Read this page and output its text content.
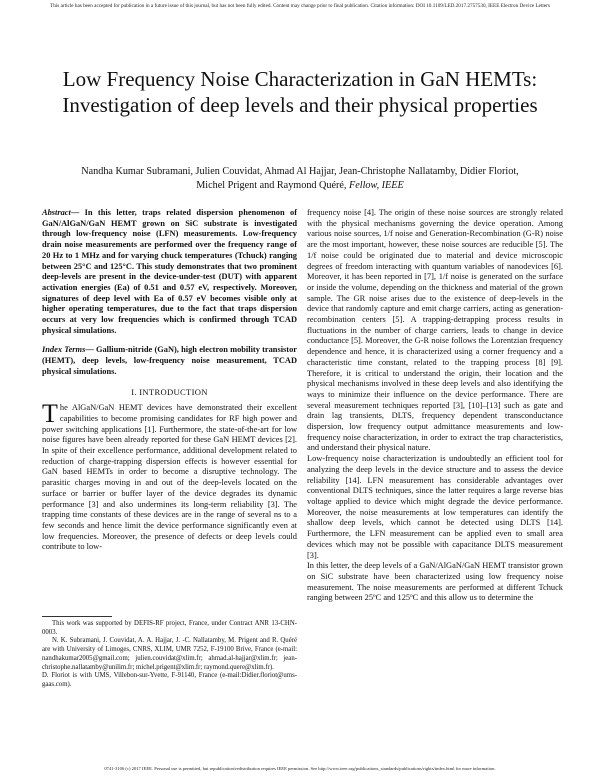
This article has been accepted for publication in a future issue of this journal, but has not been fully edited. Content may change prior to final publication. Citation information: DOI 10.1109/LED.2017.2757530, IEEE Electron Device Letters
Low Frequency Noise Characterization in GaN HEMTs: Investigation of deep levels and their physical properties
Nandha Kumar Subramani, Julien Couvidat, Ahmad Al Hajjar, Jean-Christophe Nallatamby, Didier Floriot, Michel Prigent and Raymond Quéré, Fellow, IEEE

Abstract— In this letter, traps related dispersion phenomenon of GaN/AlGaN/GaN HEMT grown on SiC substrate is investigated through low-frequency noise (LFN) measurements. Low-frequency drain noise measurements are performed over the frequency range of 20 Hz to 1 MHz and for varying chuck temperatures (Tchuck) ranging between 25°C and 125°C. This study demonstrates that two prominent deep-levels are present in the device-under-test (DUT) with apparent activation energies (Ea) of 0.51 and 0.57 eV, respectively. Moreover, signatures of deep level with Ea of 0.57 eV becomes visible only at higher operating temperatures, due to the fact that traps dispersion occurs at very low frequencies which is confirmed through TCAD physical simulations.

Index Terms— Gallium-nitride (GaN), high electron mobility transistor (HEMT), deep levels, low-frequency noise measurement, TCAD physical simulations.

I. INTRODUCTION

The AlGaN/GaN HEMT devices have demonstrated their excellent capabilities to become promising candidates for RF high power and power switching applications [1]. Furthermore, the state-of-the-art for low noise figures have been already reported for these GaN HEMT devices [2]. In spite of their excellence performance, additional development related to reduction of charge-trapping dispersion effects is however essential for GaN based HEMTs in order to become a disruptive technology. The parasitic charges moving in and out of the deep-levels located on the surface or barrier or buffer layer of the device degrades its dynamic performance [3] and also undermines its long-term reliability [3]. The trapping time constants of these devices are in the range of several ns to a few seconds and hence limit the device performance significantly even at low frequencies. Moreover, the presence of defects or deep levels could contribute to low-

This work was supported by DEFIS-RF project, France, under Contract ANR 13-CHN-0003.

N. K. Subramani, J. Couvidat, A. A. Hajjar, J. -C. Nallatamby, M. Prigent and R. Quéré are with University of Limoges, CNRS, XLIM, UMR 7252, F-19100 Brive, France (e-mail: nandhakumar2005@gmail.com; julien.couvidat@xlim.fr; ahmad.al-hajjar@xlim.fr; jean-christophe.nallatamby@unilim.fr; michel.prigent@xlim.fr; raymond.quere@xlim.fr).

D. Floriot is with UMS, Villebon-sur-Yvette, F-91140, France (e-mail:Didier.floriot@ums-gaas.com).

frequency noise [4]. The origin of these noise sources are strongly related with the physical mechanisms governing the device operation. Among various noise sources, 1/f noise and Generation-Recombination (G-R) noise are the most important, however, these noise sources are reducible [5]. The 1/f noise could be originated due to material and device microscopic degrees of freedom interacting with quantum variables of nanodevices [6]. Moreover, it has been reported in [7], 1/f noise is generated on the surface or inside the volume, depending on the thickness and material of the grown sample. The GR noise arises due to the existence of deep-levels in the device that randomly capture and emit charge carriers, acting as generation-recombination centers [5]. A trapping-detrapping process results in fluctuations in the number of charge carriers, leads to change in device conductance [5]. Moreover, the G-R noise follows the Lorentzian frequency dependence and hence, it is characterized using a corner frequency and a characteristic time constant, related to the trapping process [8] [9]. Therefore, it is critical to understand the origin, their location and the physical mechanisms involved in these deep levels and also identifying the ways to minimize their influence on the device performance. There are several measurement techniques reported [3], [10]–[13] such as gate and drain lag transients, DLTS, frequency dependent transconductance dispersion, low frequency output admittance measurements and low-frequency noise characterization, in order to extract the trap characteristics, and understand their physical nature.

Low-frequency noise characterization is undoubtedly an efficient tool for analyzing the deep levels in the device structure and to assess the device reliability [14]. LFN measurement has considerable advantages over conventional DLTS techniques, since the latter requires a large reverse bias voltage applied to device which might degrade the device performance. Moreover, the noise measurements at low temperatures can identify the shallow deep levels, which cannot be detected using DLTS [14]. Furthermore, the LFN measurement can be applied even to small area devices which may not be possible with capacitance DLTS measurement [3].

In this letter, the deep levels of a GaN/AlGaN/GaN HEMT transistor grown on SiC substrate have been characterized using low frequency noise measurement. The noise measurements are performed at different Tchuck ranging between 25ºC and 125ºC and this allow us to determine the

0741-3106 (c) 2017 IEEE. Personal use is permitted, but republication/redistribution requires IEEE permission. See http://www.ieee.org/publications_standards/publications/rights/index.html for more information.
